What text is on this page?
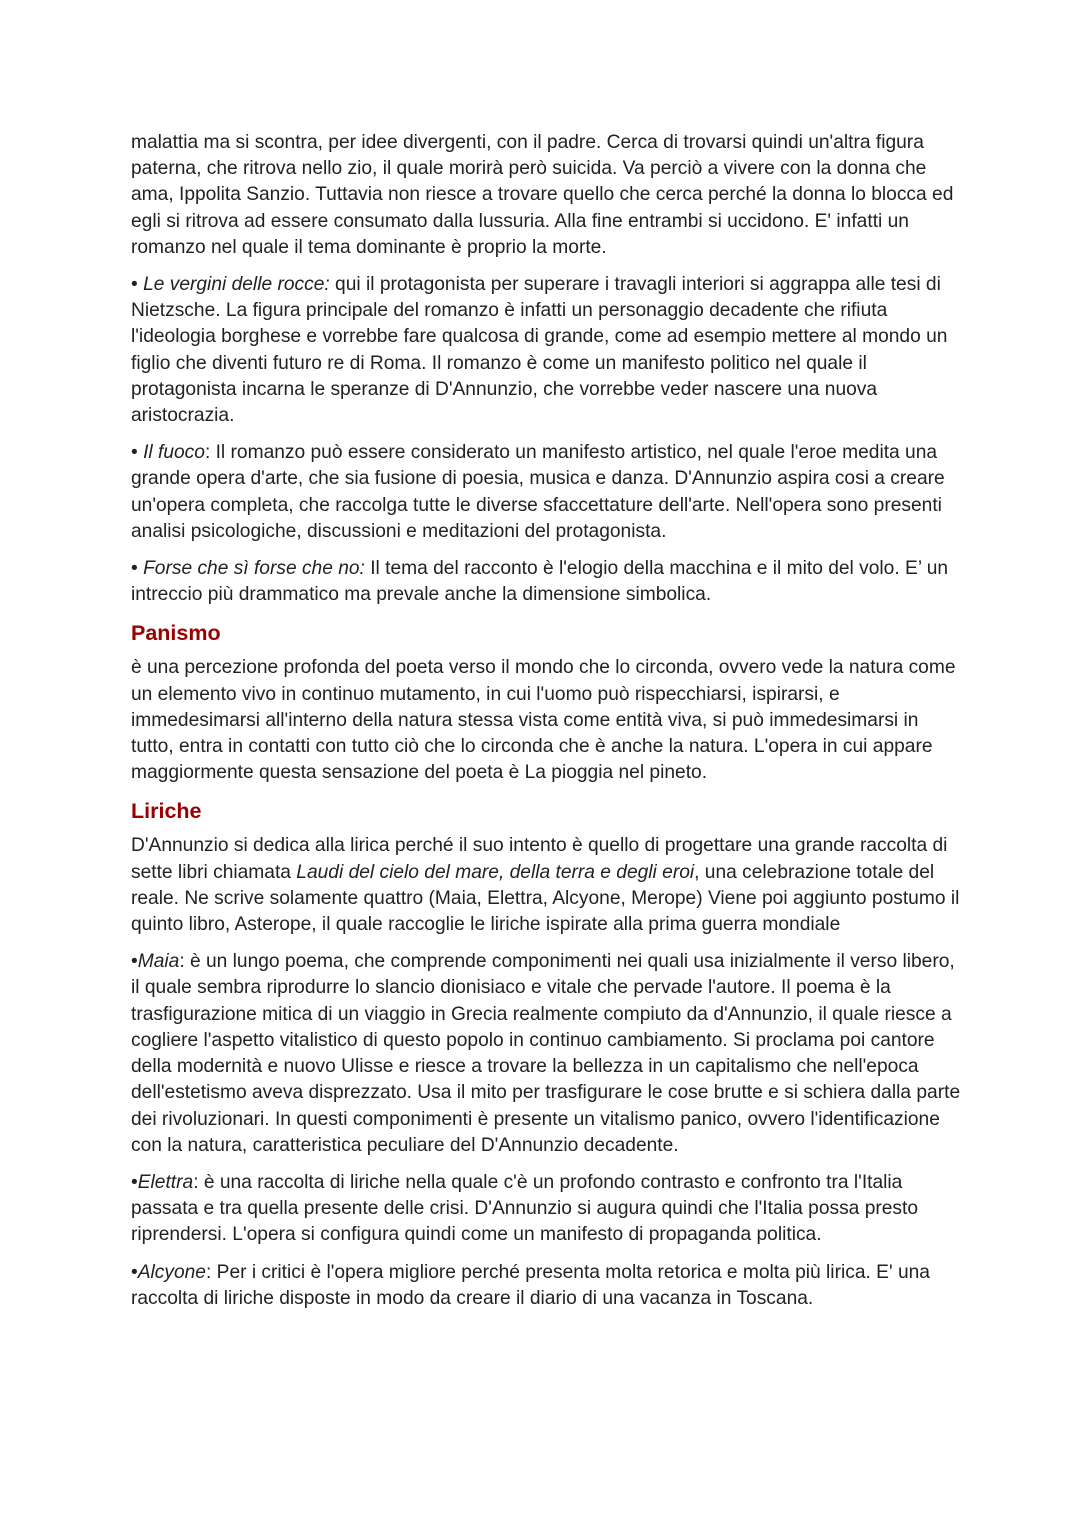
malattia ma si scontra, per idee divergenti, con il padre. Cerca di trovarsi quindi un'altra figura paterna, che ritrova nello zio, il quale morirà però suicida. Va perciò a vivere con la donna che ama, Ippolita Sanzio. Tuttavia non riesce a trovare quello che cerca perché la donna lo blocca ed egli si ritrova ad essere consumato dalla lussuria. Alla fine entrambi si uccidono. E' infatti un romanzo nel quale il tema dominante è proprio la morte.

• Le vergini delle rocce: qui il protagonista per superare i travagli interiori si aggrappa alle tesi di Nietzsche. La figura principale del romanzo è infatti un personaggio decadente che rifiuta l'ideologia borghese e vorrebbe fare qualcosa di grande, come ad esempio mettere al mondo un figlio che diventi futuro re di Roma. Il romanzo è come un manifesto politico nel quale il protagonista incarna le speranze di D'Annunzio, che vorrebbe veder nascere una nuova aristocrazia.

• Il fuoco: Il romanzo può essere considerato un manifesto artistico, nel quale l'eroe medita una grande opera d'arte, che sia fusione di poesia, musica e danza. D'Annunzio aspira cosi a creare un'opera completa, che raccolga tutte le diverse sfaccettature dell'arte. Nell'opera sono presenti analisi psicologiche, discussioni e meditazioni del protagonista.

• Forse che sì forse che no: Il tema del racconto è l'elogio della macchina e il mito del volo. E’ un intreccio più drammatico ma prevale anche la dimensione simbolica.

Panismo

è una percezione profonda del poeta verso il mondo che lo circonda, ovvero vede la natura come un elemento vivo in continuo mutamento, in cui l'uomo può rispecchiarsi, ispirarsi, e immedesimarsi all'interno della natura stessa vista come entità viva, si può immedesimarsi in tutto, entra in contatti con tutto ciò che lo circonda che è anche la natura. L'opera in cui appare maggiormente questa sensazione del poeta è La pioggia nel pineto.

Liriche

D'Annunzio si dedica alla lirica perché il suo intento è quello di progettare una grande raccolta di sette libri chiamata Laudi del cielo del mare, della terra e degli eroi, una celebrazione totale del reale. Ne scrive solamente quattro (Maia, Elettra, Alcyone, Merope) Viene poi aggiunto postumo il quinto libro, Asterope, il quale raccoglie le liriche ispirate alla prima guerra mondiale

•Maia: è un lungo poema, che comprende componimenti nei quali usa inizialmente il verso libero, il quale sembra riprodurre lo slancio dionisiaco e vitale che pervade l'autore. Il poema è la trasfigurazione mitica di un viaggio in Grecia realmente compiuto da d'Annunzio, il quale riesce a cogliere l'aspetto vitalistico di questo popolo in continuo cambiamento. Si proclama poi cantore della modernità e nuovo Ulisse e riesce a trovare la bellezza in un capitalismo che nell'epoca dell'estetismo aveva disprezzato. Usa il mito per trasfigurare le cose brutte e si schiera dalla parte dei rivoluzionari. In questi componimenti è presente un vitalismo panico, ovvero l'identificazione con la natura, caratteristica peculiare del D'Annunzio decadente.

•Elettra: è una raccolta di liriche nella quale c'è un profondo contrasto e confronto tra l'Italia passata e tra quella presente delle crisi. D'Annunzio si augura quindi che l'Italia possa presto riprendersi. L'opera si configura quindi come un manifesto di propaganda politica.

•Alcyone: Per i critici è l'opera migliore perché presenta molta retorica e molta più lirica. E' una raccolta di liriche disposte in modo da creare il diario di una vacanza in Toscana.
